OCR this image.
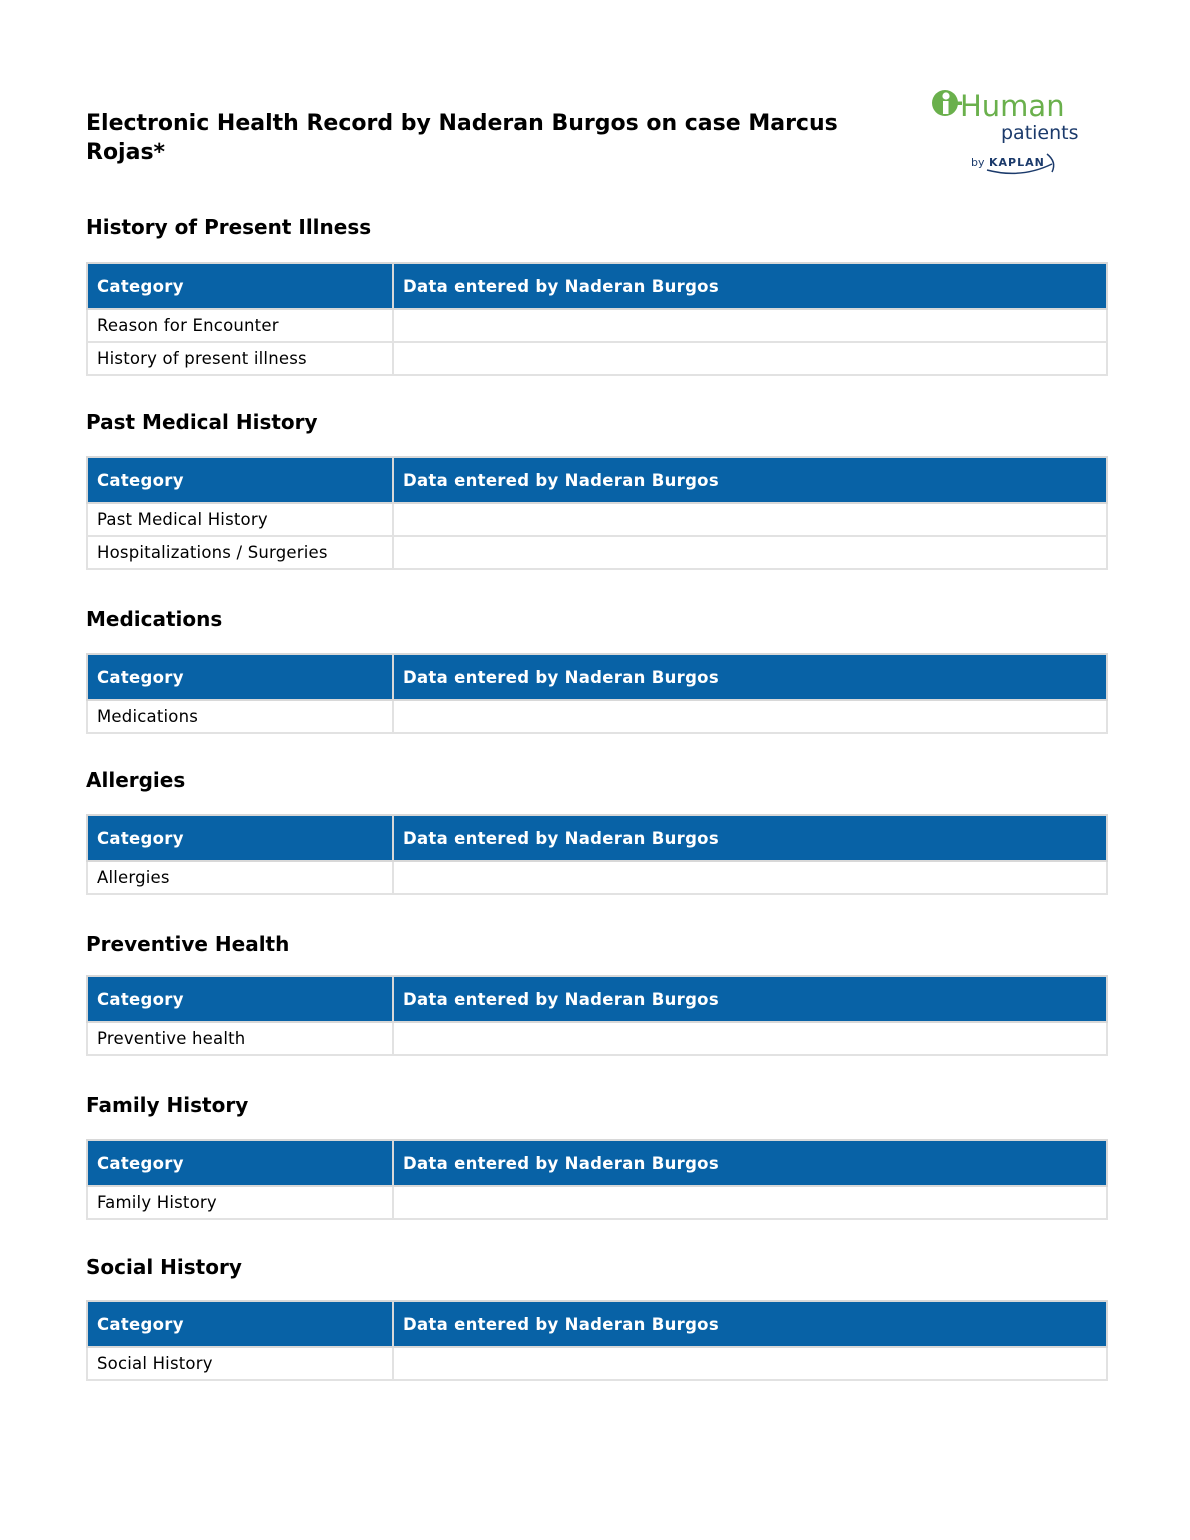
Electronic Health Record by Naderan Burgos on case Marcus Rojas*
Human
patients
by KAPLAN
History of Present Illness
Category	Data entered by Naderan Burgos
Reason for Encounter	
History of present illness	
Past Medical History
Category	Data entered by Naderan Burgos
Past Medical History	
Hospitalizations / Surgeries	
Medications
Category	Data entered by Naderan Burgos
Medications	
Allergies
Category	Data entered by Naderan Burgos
Allergies	
Preventive Health
Category	Data entered by Naderan Burgos
Preventive health	
Family History
Category	Data entered by Naderan Burgos
Family History	
Social History
Category	Data entered by Naderan Burgos
Social History	
